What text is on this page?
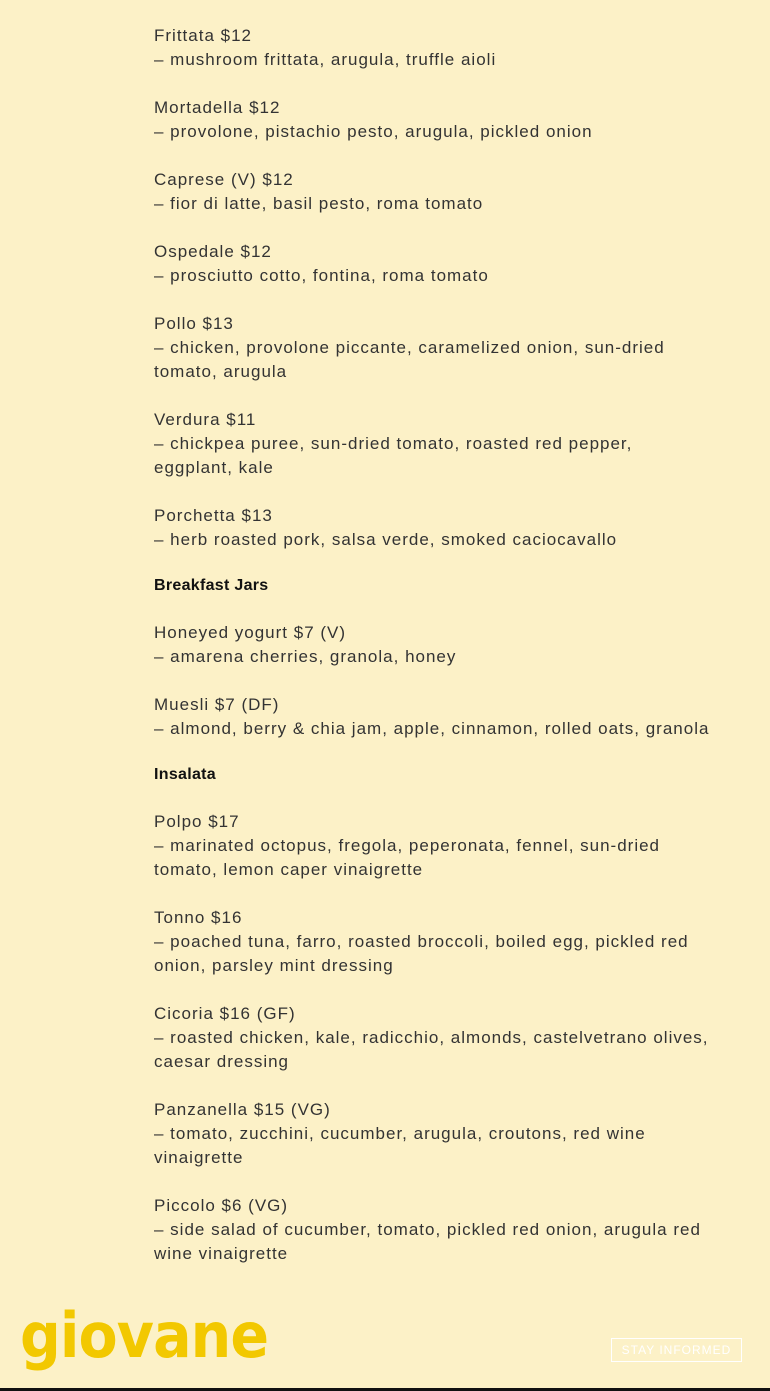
Frittata $12
– mushroom frittata, arugula, truffle aioli
Mortadella $12
– provolone, pistachio pesto, arugula, pickled onion
Caprese (V) $12
– fior di latte, basil pesto, roma tomato
Ospedale $12
– prosciutto cotto, fontina, roma tomato
Pollo $13
– chicken, provolone piccante, caramelized onion, sun-dried tomato, arugula
Verdura $11
– chickpea puree, sun-dried tomato, roasted red pepper, eggplant, kale
Porchetta $13
– herb roasted pork, salsa verde, smoked caciocavallo
Breakfast Jars
Honeyed yogurt $7 (V)
– amarena cherries, granola, honey
Muesli $7 (DF)
– almond, berry & chia jam, apple, cinnamon, rolled oats, granola
Insalata
Polpo $17
– marinated octopus, fregola, peperonata, fennel, sun-dried tomato, lemon caper vinaigrette
Tonno $16
– poached tuna, farro, roasted broccoli, boiled egg, pickled red onion, parsley mint dressing
Cicoria $16 (GF)
– roasted chicken, kale, radicchio, almonds, castelvetrano olives, caesar dressing
Panzanella $15 (VG)
– tomato, zucchini, cucumber, arugula, croutons, red wine vinaigrette
Piccolo $6 (VG)
– side salad of cucumber, tomato, pickled red onion, arugula red wine vinaigrette
giovane	STAY INFORMED
